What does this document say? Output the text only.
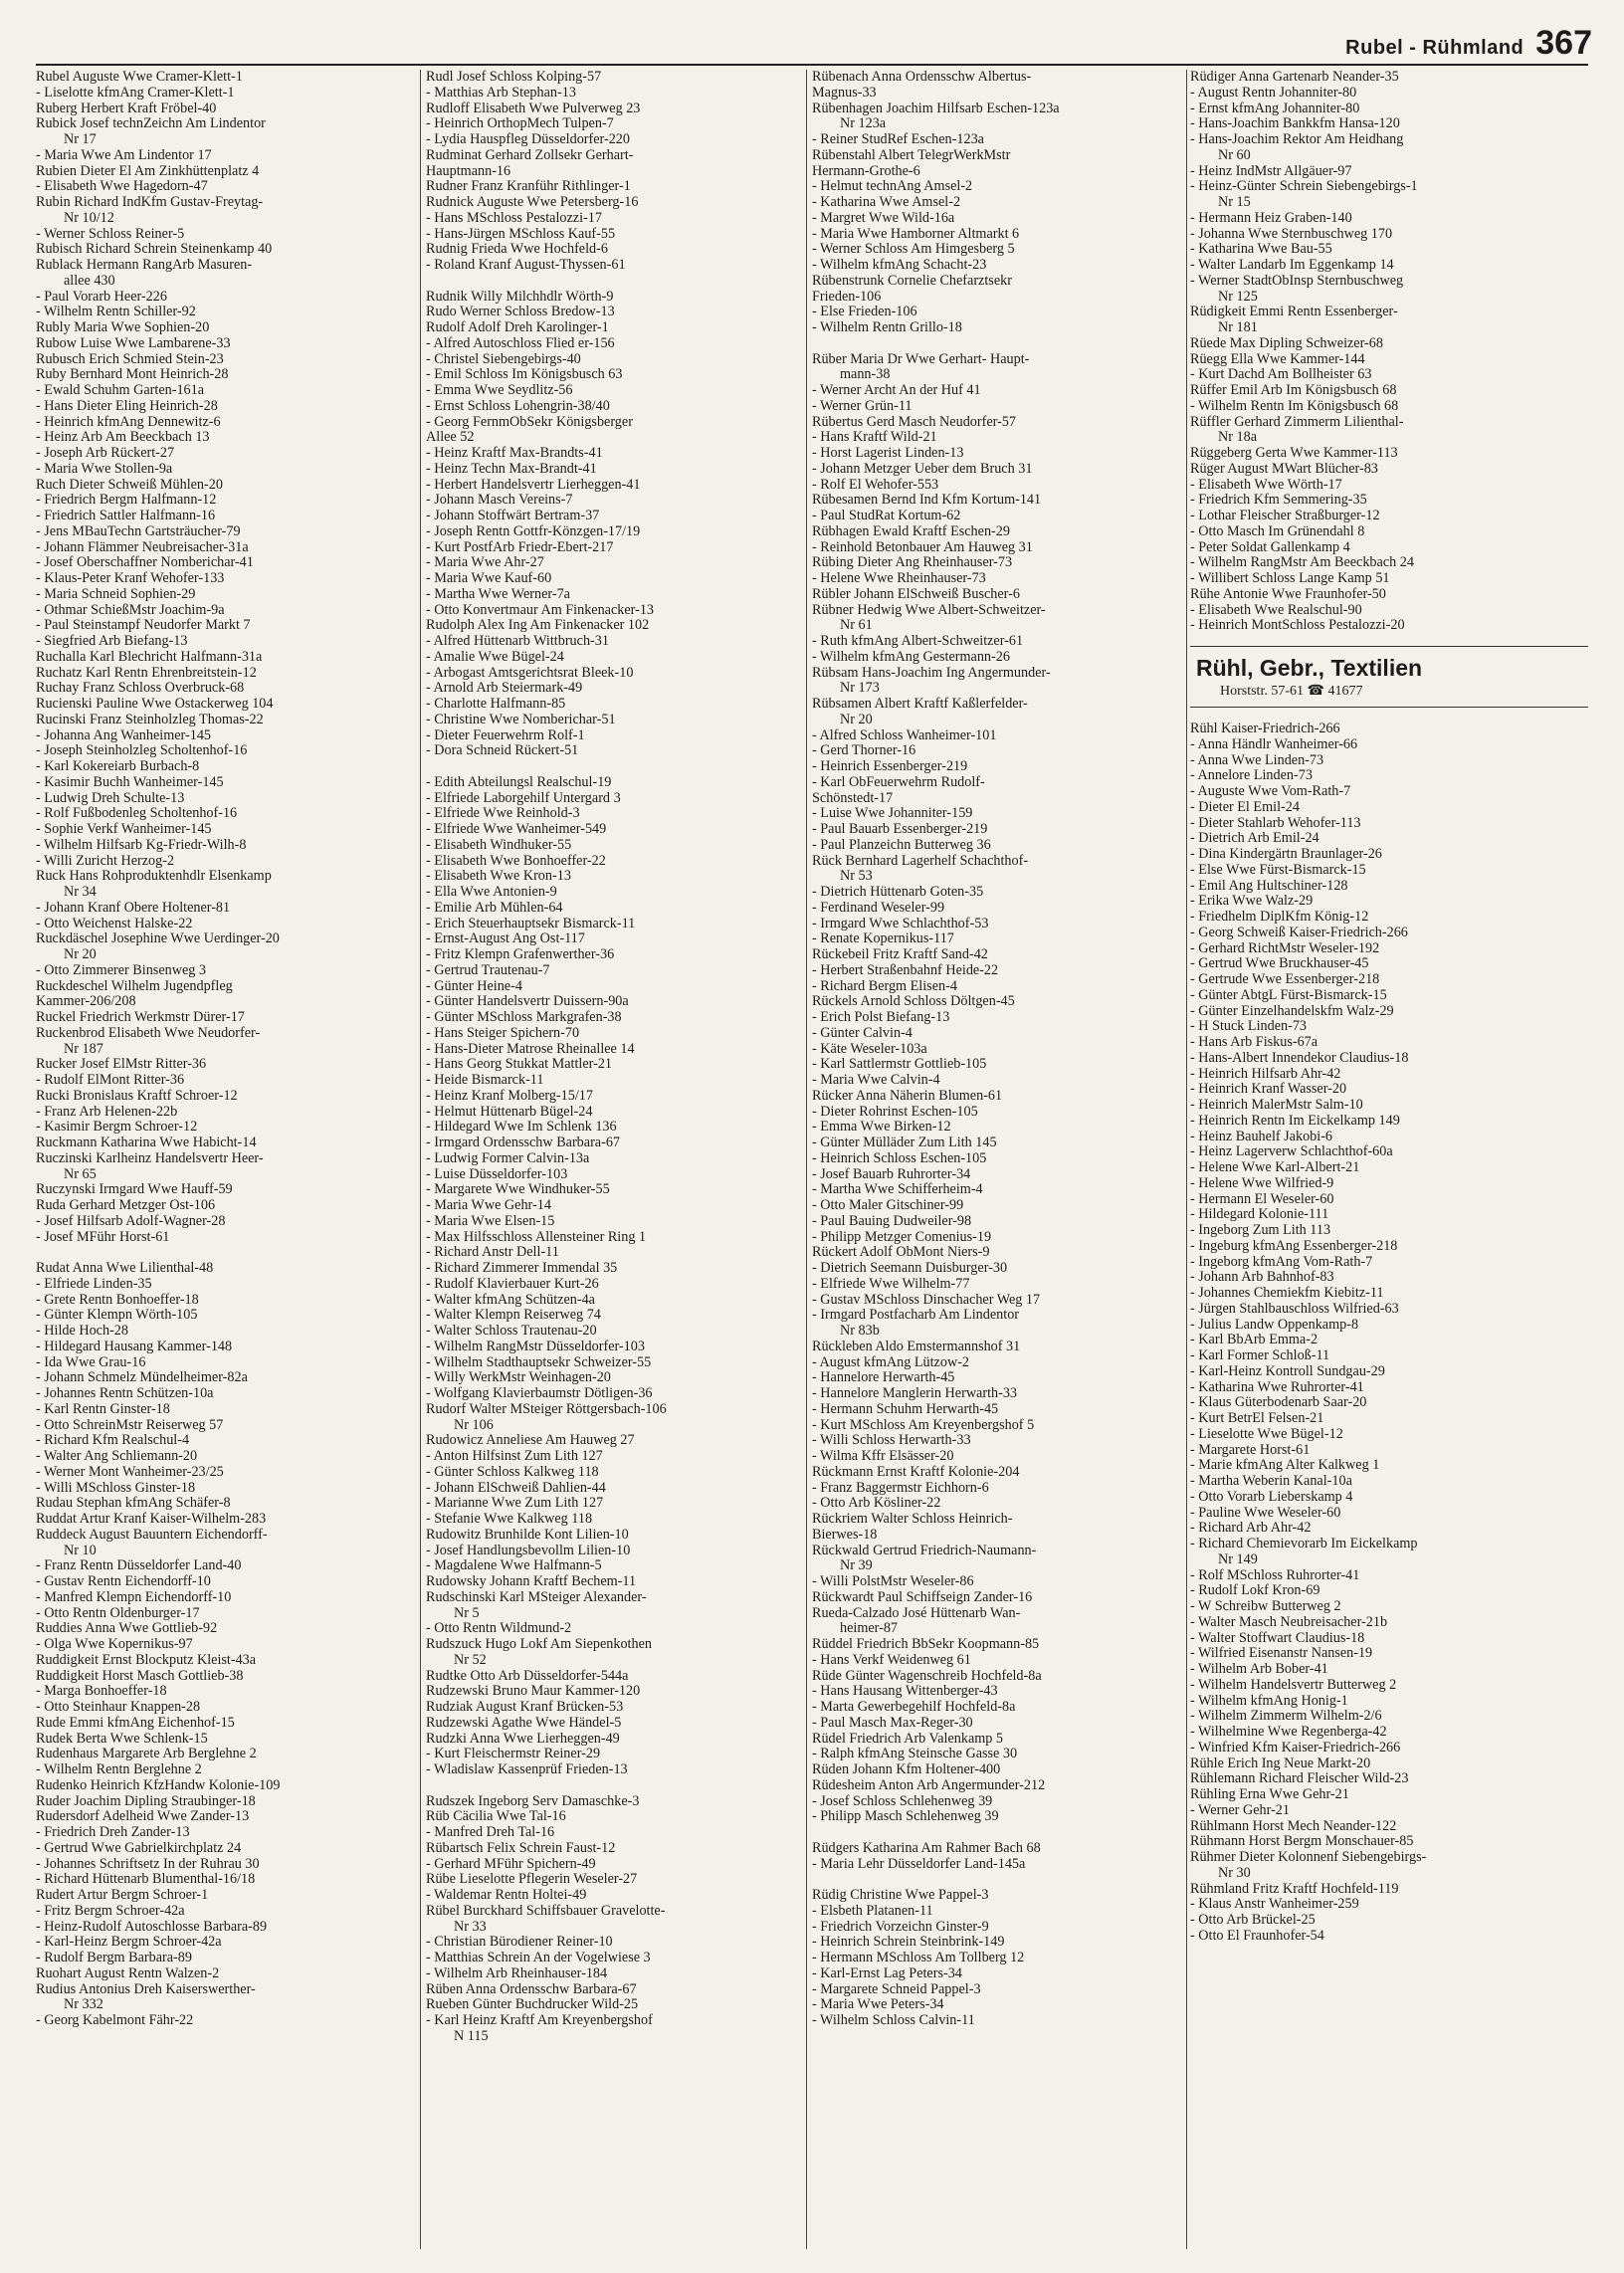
Rubel - Rühmland 367
Rubel Auguste Wwe Cramer-Klett-1
- Liselotte kfmAng Cramer-Klett-1
Ruberg Herbert Kraft Fröbel-40
Rubick Josef technZeichn Am Lindentor
Nr 17
- Maria Wwe Am Lindentor 17
Rubien Dieter El Am Zinkhüttenplatz 4
- Elisabeth Wwe Hagedorn-47
Rubin Richard IndKfm Gustav-Freytag-
Nr 10/12
- Werner Schloss Reiner-5
Rubisch Richard Schrein Steinenkamp 40
Rublack Hermann RangArb Masuren-
allee 430
- Paul Vorarb Heer-226
- Wilhelm Rentn Schiller-92
Rubly Maria Wwe Sophien-20
Rubow Luise Wwe Lambarene-33
Rubusch Erich Schmied Stein-23
Ruby Bernhard Mont Heinrich-28
- Ewald Schuhm Garten-161a
- Hans Dieter Eling Heinrich-28
- Heinrich kfmAng Dennewitz-6
- Heinz Arb Am Beeckbach 13
- Joseph Arb Rückert-27
- Maria Wwe Stollen-9a
Ruch Dieter Schweiß Mühlen-20
- Friedrich Bergm Halfmann-12
- Friedrich Sattler Halfmann-16
- Jens MBauTechn Gartsträucher-79
- Johann Flämmer Neubreisacher-31a
- Josef Oberschaffner Nomberichar-41
- Klaus-Peter Kranf Wehofer-133
- Maria Schneid Sophien-29
- Othmar SchießMstr Joachim-9a
- Paul Steinstampf Neudorfer Markt 7
- Siegfried Arb Biefang-13
Ruchalla Karl Blechricht Halfmann-31a
Ruchatz Karl Rentn Ehrenbreitstein-12
Ruchay Franz Schloss Overbruck-68
Rucienski Pauline Wwe Ostackerweg 104
Rucinski Franz Steinholzleg Thomas-22
- Johanna Ang Wanheimer-145
- Joseph Steinholzleg Scholtenhof-16
- Karl Kokereiarb Burbach-8
- Kasimir Buchh Wanheimer-145
- Ludwig Dreh Schulte-13
- Rolf Fußbodenleg Scholtenhof-16
- Sophie Verkf Wanheimer-145
- Wilhelm Hilfsarb Kg-Friedr-Wilh-8
- Willi Zuricht Herzog-2
Ruck Hans Rohproduktenhdlr Elsenkamp
Nr 34
- Johann Kranf Obere Holtener-81
- Otto Weichenst Halske-22
Ruckdäschel Josephine Wwe Uerdinger-20
Nr 20
- Otto Zimmerer Binsenweg 3
Ruckdeschel Wilhelm Jugendpfleg
Kammer-206/208
Ruckel Friedrich Werkmstr Dürer-17
Ruckenbrod Elisabeth Wwe Neudorfer-
Nr 187
Rucker Josef ElMstr Ritter-36
- Rudolf ElMont Ritter-36
Rucki Bronislaus Kraftf Schroer-12
- Franz Arb Helenen-22b
- Kasimir Bergm Schroer-12
Ruckmann Katharina Wwe Habicht-14
Ruczinski Karlheinz Handelsvertr Heer-
Nr 65
Ruczynski Irmgard Wwe Hauff-59
Ruda Gerhard Metzger Ost-106
- Josef Hilfsarb Adolf-Wagner-28
- Josef MFühr Horst-61
Rudat Anna Wwe Lilienthal-48
- Elfriede Linden-35
- Grete Rentn Bonhoeffer-18
- Günter Klempn Wörth-105
- Hilde Hoch-28
- Hildegard Hausang Kammer-148
- Ida Wwe Grau-16
- Johann Schmelz Mündelheimer-82a
- Johannes Rentn Schützen-10a
- Karl Rentn Ginster-18
- Otto SchreinMstr Reiserweg 57
- Richard Kfm Realschul-4
- Walter Ang Schliemann-20
- Werner Mont Wanheimer-23/25
- Willi MSchloss Ginster-18
Rudau Stephan kfmAng Schäfer-8
Ruddat Artur Kranf Kaiser-Wilhelm-283
Ruddeck August Bauuntern Eichendorff-
Nr 10
- Franz Rentn Düsseldorfer Land-40
- Gustav Rentn Eichendorff-10
- Manfred Klempn Eichendorff-10
- Otto Rentn Oldenburger-17
Ruddies Anna Wwe Gottlieb-92
- Olga Wwe Kopernikus-97
Ruddigkeit Ernst Blockputz Kleist-43a
Ruddigkeit Horst Masch Gottlieb-38
- Marga Bonhoeffer-18
- Otto Steinhaur Knappen-28
Rude Emmi kfmAng Eichenhof-15
Rudek Berta Wwe Schlenk-15
Rudenhaus Margarete Arb Berglehne 2
- Wilhelm Rentn Berglehne 2
Rudenko Heinrich KfzHandw Kolonie-109
Ruder Joachim Dipling Straubinger-18
Rudersdorf Adelheid Wwe Zander-13
- Friedrich Dreh Zander-13
- Gertrud Wwe Gabrielkirchplatz 24
- Johannes Schriftsetz In der Ruhrau 30
- Richard Hüttenarb Blumenthal-16/18
Rudert Artur Bergm Schroer-1
- Fritz Bergm Schroer-42a
- Heinz-Rudolf Autoschlosse Barbara-89
- Karl-Heinz Bergm Schroer-42a
- Rudolf Bergm Barbara-89
Ruohart August Rentn Walzen-2
Rudius Antonius Dreh Kaiserswerther-
Nr 332
- Georg Kabelmont Fähr-22
Rudl Josef Schloss Kolping-57
- Matthias Arb Stephan-13
Rudloff Elisabeth Wwe Pulverweg 23
- Heinrich OrthopMech Tulpen-7
- Lydia Hauspfleg Düsseldorfer-220
Rudminat Gerhard Zollsekr Gerhart-
Hauptmann-16
Rudner Franz Kranführ Rithlinger-1
Rudnick Auguste Wwe Petersberg-16
- Hans MSchloss Pestalozzi-17
- Hans-Jürgen MSchloss Kauf-55
Rudnig Frieda Wwe Hochfeld-6
- Roland Kranf August-Thyssen-61
Rudnik Willy Milchhdlr Wörth-9
Rudo Werner Schloss Bredow-13
Rudolf Adolf Dreh Karolinger-1
- Alfred Autoschloss Flied er-156
- Christel Siebengebirgs-40
- Emil Schloss Im Königsbusch 63
- Emma Wwe Seydlitz-56
- Ernst Schloss Lohengrin-38/40
- Georg FernmObSekr Königsberger
Allee 52
- Heinz Kraftf Max-Brandts-41
- Heinz Techn Max-Brandt-41
- Herbert Handelsvertr Lierheggen-41
- Johann Masch Vereins-7
- Johann Stoffwärt Bertram-37
- Joseph Rentn Gottfr-Könzgen-17/19
- Kurt PostfArb Friedr-Ebert-217
- Maria Wwe Ahr-27
- Maria Wwe Kauf-60
- Martha Wwe Werner-7a
- Otto Konvertmaur Am Finkenacker-13
Rudolph Alex Ing Am Finkenacker 102
- Alfred Hüttenarb Wittbruch-31
- Amalie Wwe Bügel-24
- Arbogast Amtsgerichtsrat Bleek-10
- Arnold Arb Steiermark-49
- Charlotte Halfmann-85
- Christine Wwe Nomberichar-51
- Dieter Feuerwehrm Rolf-1
- Dora Schneid Rückert-51
- Edith Abteilungsl Realschul-19
- Elfriede Laborgehilf Untergard 3
- Elfriede Wwe Reinhold-3
- Elfriede Wwe Wanheimer-549
- Elisabeth Windhuker-55
- Elisabeth Wwe Bonhoeffer-22
- Elisabeth Wwe Kron-13
- Ella Wwe Antonien-9
- Emilie Arb Mühlen-64
- Erich Steuerhauptsekr Bismarck-11
- Ernst-August Ang Ost-117
- Fritz Klempn Grafenwerther-36
- Gertrud Trautenau-7
- Günter Heine-4
- Günter Handelsvertr Duissern-90a
- Günter MSchloss Markgrafen-38
- Hans Steiger Spichern-70
- Hans-Dieter Matrose Rheinallee 14
- Hans Georg Stukkat Mattler-21
- Heide Bismarck-11
- Heinz Kranf Molberg-15/17
- Helmut Hüttenarb Bügel-24
- Hildegard Wwe Im Schlenk 136
- Irmgard Ordensschw Barbara-67
- Ludwig Former Calvin-13a
- Luise Düsseldorfer-103
- Margarete Wwe Windhuker-55
- Maria Wwe Gehr-14
- Maria Wwe Elsen-15
- Max Hilfsschloss Allensteiner Ring 1
- Richard Anstr Dell-11
- Richard Zimmerer Immendal 35
- Rudolf Klavierbauer Kurt-26
- Walter kfmAng Schützen-4a
- Walter Klempn Reiserweg 74
- Walter Schloss Trautenau-20
- Wilhelm RangMstr Düsseldorfer-103
- Wilhelm Stadthauptsekr Schweizer-55
- Willy WerkMstr Weinhagen-20
- Wolfgang Klavierbaumstr Dötligen-36
Rudorf Walter MSteiger Röttgersbach-106
Nr 106
Rudowicz Anneliese Am Hauweg 27
- Anton Hilfsinst Zum Lith 127
- Günter Schloss Kalkweg 118
- Johann ElSchweiß Dahlien-44
- Marianne Wwe Zum Lith 127
- Stefanie Wwe Kalkweg 118
Rudowitz Brunhilde Kont Lilien-10
- Josef Handlungsbevollm Lilien-10
- Magdalene Wwe Halfmann-5
Rudowsky Johann Kraftf Bechem-11
Rudschinski Karl MSteiger Alexander-
Nr 5
- Otto Rentn Wildmund-2
Rudszuck Hugo Lokf Am Siepenkothen
Nr 52
Rudtke Otto Arb Düsseldorfer-544a
Rudzewski Bruno Maur Kammer-120
Rudziak August Kranf Brücken-53
Rudzewski Agathe Wwe Händel-5
Rudzki Anna Wwe Lierheggen-49
- Kurt Fleischermstr Reiner-29
- Wladislaw Kassenprüf Frieden-13
Rudszek Ingeborg Serv Damaschke-3
Rüb Cäcilia Wwe Tal-16
- Manfred Dreh Tal-16
Rübartsch Felix Schrein Faust-12
- Gerhard MFühr Spichern-49
Rübe Lieselotte Pflegerin Weseler-27
- Waldemar Rentn Holtei-49
Rübel Burckhard Schiffsbauer Gravelotte-
Nr 33
- Christian Bürodiener Reiner-10
- Matthias Schrein An der Vogelwiese 3
- Wilhelm Arb Rheinhauser-184
Rüben Anna Ordensschw Barbara-67
Rueben Günter Buchdrucker Wild-25
- Karl Heinz Kraftf Am Kreyenbergshof
N 115
Rübenach Anna Ordensschw Albertus-
Magnus-33
Rübenhagen Joachim Hilfsarb Eschen-123a
Nr 123a
- Reiner StudRef Eschen-123a
Rübenstahl Albert TelegrWerkMstr
Hermann-Grothe-6
- Helmut technAng Amsel-2
- Katharina Wwe Amsel-2
- Margret Wwe Wild-16a
- Maria Wwe Hamborner Altmarkt 6
- Werner Schloss Am Himgesberg 5
- Wilhelm kfmAng Schacht-23
Rübenstrunk Cornelie Chefarztsekr
Frieden-106
- Else Frieden-106
- Wilhelm Rentn Grillo-18
Rüber Maria Dr Wwe Gerhart- Haupt-
mann-38
- Werner Archt An der Huf 41
- Werner Grün-11
Rübertus Gerd Masch Neudorfer-57
- Hans Kraftf Wild-21
- Horst Lagerist Linden-13
- Johann Metzger Ueber dem Bruch 31
- Rolf El Wehofer-553
Rübesamen Bernd Ind Kfm Kortum-141
- Paul StudRat Kortum-62
Rübhagen Ewald Kraftf Eschen-29
- Reinhold Betonbauer Am Hauweg 31
Rübing Dieter Ang Rheinhauser-73
- Helene Wwe Rheinhauser-73
Rübler Johann ElSchweiß Buscher-6
Rübner Hedwig Wwe Albert-Schweitzer-
Nr 61
- Ruth kfmAng Albert-Schweitzer-61
- Wilhelm kfmAng Gestermann-26
Rübsam Hans-Joachim Ing Angermunder-
Nr 173
Rübsamen Albert Kraftf Kaßlerfelder-
Nr 20
- Alfred Schloss Wanheimer-101
- Gerd Thorner-16
- Heinrich Essenberger-219
- Karl ObFeuerwehrm Rudolf-
Schönstedt-17
- Luise Wwe Johanniter-159
- Paul Bauarb Essenberger-219
- Paul Planzeichn Butterweg 36
Rück Bernhard Lagerhelf Schachthof-
Nr 53
- Dietrich Hüttenarb Goten-35
- Ferdinand Weseler-99
- Irmgard Wwe Schlachthof-53
- Renate Kopernikus-117
Rückebeil Fritz Kraftf Sand-42
- Herbert Straßenbahnf Heide-22
- Richard Bergm Elisen-4
Rückels Arnold Schloss Döltgen-45
- Erich Polst Biefang-13
- Günter Calvin-4
- Käte Weseler-103a
- Karl Sattlermstr Gottlieb-105
- Maria Wwe Calvin-4
Rücker Anna Näherin Blumen-61
- Dieter Rohrinst Eschen-105
- Emma Wwe Birken-12
- Günter Mülläder Zum Lith 145
- Heinrich Schloss Eschen-105
- Josef Bauarb Ruhrorter-34
- Martha Wwe Schifferheim-4
- Otto Maler Gitschiner-99
- Paul Bauing Dudweiler-98
- Philipp Metzger Comenius-19
Rückert Adolf ObMont Niers-9
- Dietrich Seemann Duisburger-30
- Elfriede Wwe Wilhelm-77
- Gustav MSchloss Dinschacher Weg 17
- Irmgard Postfacharb Am Lindentor
Nr 83b
Rückleben Aldo Emstermannshof 31
- August kfmAng Lützow-2
- Hannelore Herwarth-45
- Hannelore Manglerin Herwarth-33
- Hermann Schuhm Herwarth-45
- Kurt MSchloss Am Kreyenbergshof 5
- Willi Schloss Herwarth-33
- Wilma Kffr Elsässer-20
Rückmann Ernst Kraftf Kolonie-204
- Franz Baggermstr Eichhorn-6
- Otto Arb Kösliner-22
Rückriem Walter Schloss Heinrich-
Bierwes-18
Rückwald Gertrud Friedrich-Naumann-
Nr 39
- Willi PolstMstr Weseler-86
Rückwardt Paul Schiffseign Zander-16
Rueda-Calzado José Hüttenarb Wan-
heimer-87
Rüddel Friedrich BbSekr Koopmann-85
- Hans Verkf Weidenweg 61
Rüde Günter Wagenschreib Hochfeld-8a
- Hans Hausang Wittenberger-43
- Marta Gewerbegehilf Hochfeld-8a
- Paul Masch Max-Reger-30
Rüdel Friedrich Arb Valenkamp 5
- Ralph kfmAng Steinsche Gasse 30
Rüden Johann Kfm Holtener-400
Rüdesheim Anton Arb Angermunder-212
- Josef Schloss Schlehenweg 39
- Philipp Masch Schlehenweg 39
Rüdgers Katharina Am Rahmer Bach 68
- Maria Lehr Düsseldorfer Land-145a
Rüdig Christine Wwe Pappel-3
- Elsbeth Platanen-11
- Friedrich Vorzeichn Ginster-9
- Heinrich Schrein Steinbrink-149
- Hermann MSchloss Am Tollberg 12
- Karl-Ernst Lag Peters-34
- Margarete Schneid Pappel-3
- Maria Wwe Peters-34
- Wilhelm Schloss Calvin-11
Rüdiger Anna Gartenarb Neander-35
- August Rentn Johanniter-80
- Ernst kfmAng Johanniter-80
- Hans-Joachim Bankkfm Hansa-120
- Hans-Joachim Rektor Am Heidhang
Nr 60
- Heinz IndMstr Allgäuer-97
- Heinz-Günter Schrein Siebengebirgs-1
Nr 15
- Hermann Heiz Graben-140
- Johanna Wwe Sternbuschweg 170
- Katharina Wwe Bau-55
- Walter Landarb Im Eggenkamp 14
- Werner StadtObInsp Sternbuschweg
Nr 125
Rüdigkeit Emmi Rentn Essenberger-
Nr 181
Rüede Max Dipling Schweizer-68
Rüegg Ella Wwe Kammer-144
- Kurt Dachd Am Bollheister 63
Rüffer Emil Arb Im Königsbusch 68
- Wilhelm Rentn Im Königsbusch 68
Rüffler Gerhard Zimmerm Lilienthal-
Nr 18a
Rüggeberg Gerta Wwe Kammer-113
Rüger August MWart Blücher-83
- Elisabeth Wwe Wörth-17
- Friedrich Kfm Semmering-35
- Lothar Fleischer Straßburger-12
- Otto Masch Im Grünendahl 8
- Peter Soldat Gallenkamp 4
- Wilhelm RangMstr Am Beeckbach 24
- Willibert Schloss Lange Kamp 51
Rühe Antonie Wwe Fraunhofer-50
- Elisabeth Wwe Realschul-90
- Heinrich MontSchloss Pestalozzi-20
Rühl, Gebr., Textilien
Horststr. 57-61 ☎ 41677
Rühl Kaiser-Friedrich-266
- Anna Händlr Wanheimer-66
- Anna Wwe Linden-73
- Annelore Linden-73
- Auguste Wwe Vom-Rath-7
- Dieter El Emil-24
- Dieter Stahlarb Wehofer-113
- Dietrich Arb Emil-24
- Dina Kindergärtn Braunlager-26
- Else Wwe Fürst-Bismarck-15
- Emil Ang Hultschiner-128
- Erika Wwe Walz-29
- Friedhelm DiplKfm König-12
- Georg Schweiß Kaiser-Friedrich-266
- Gerhard RichtMstr Weseler-192
- Gertrud Wwe Bruckhauser-45
- Gertrude Wwe Essenberger-218
- Günter AbtgL Fürst-Bismarck-15
- Günter Einzelhandelskfm Walz-29
- H Stuck Linden-73
- Hans Arb Fiskus-67a
- Hans-Albert Innendekor Claudius-18
- Heinrich Hilfsarb Ahr-42
- Heinrich Kranf Wasser-20
- Heinrich MalerMstr Salm-10
- Heinrich Rentn Im Eickelkamp 149
- Heinz Bauhelf Jakobi-6
- Heinz Lagerverw Schlachthof-60a
- Helene Wwe Karl-Albert-21
- Helene Wwe Wilfried-9
- Hermann El Weseler-60
- Hildegard Kolonie-111
- Ingeborg Zum Lith 113
- Ingeburg kfmAng Essenberger-218
- Ingeborg kfmAng Vom-Rath-7
- Johann Arb Bahnhof-83
- Johannes Chemiekfm Kiebitz-11
- Jürgen Stahlbauschloss Wilfried-63
- Julius Landw Oppenkamp-8
- Karl BbArb Emma-2
- Karl Former Schloß-11
- Karl-Heinz Kontroll Sundgau-29
- Katharina Wwe Ruhrorter-41
- Klaus Güterbodenarb Saar-20
- Kurt BetrEl Felsen-21
- Lieselotte Wwe Bügel-12
- Margarete Horst-61
- Marie kfmAng Alter Kalkweg 1
- Martha Weberin Kanal-10a
- Otto Vorarb Lieberskamp 4
- Pauline Wwe Weseler-60
- Richard Arb Ahr-42
- Richard Chemievorarb Im Eickelkamp
Nr 149
- Rolf MSchloss Ruhrorter-41
- Rudolf Lokf Kron-69
- W Schreibw Butterweg 2
- Walter Masch Neubreisacher-21b
- Walter Stoffwart Claudius-18
- Wilfried Eisenanstr Nansen-19
- Wilhelm Arb Bober-41
- Wilhelm Handelsvertr Butterweg 2
- Wilhelm kfmAng Honig-1
- Wilhelm Zimmerm Wilhelm-2/6
- Wilhelmine Wwe Regenberga-42
- Winfried Kfm Kaiser-Friedrich-266
Rühle Erich Ing Neue Markt-20
Rühlemann Richard Fleischer Wild-23
Rühling Erna Wwe Gehr-21
- Werner Gehr-21
Rühlmann Horst Mech Neander-122
Rühmann Horst Bergm Monschauer-85
Rühmer Dieter Kolonnenf Siebengebirgs-
Nr 30
Rühmland Fritz Kraftf Hochfeld-119
- Klaus Anstr Wanheimer-259
- Otto Arb Brückel-25
- Otto El Fraunhofer-54
